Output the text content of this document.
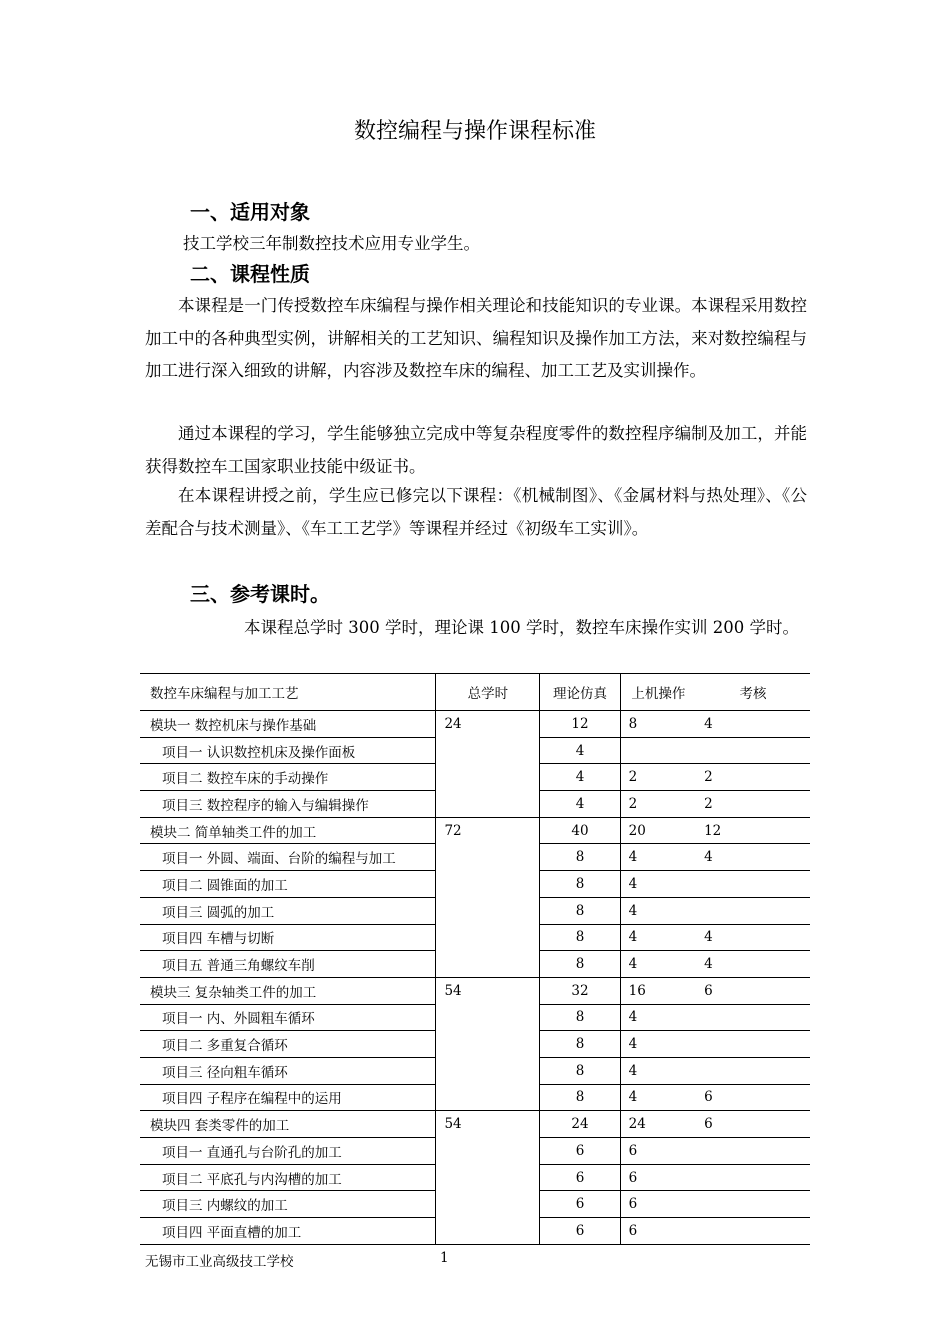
数控编程与操作课程标准
一、适用对象
技工学校三年制数控技术应用专业学生。
二、课程性质
本课程是一门传授数控车床编程与操作相关理论和技能知识的专业课。本课程采用数控加工中的各种典型实例，讲解相关的工艺知识、编程知识及操作加工方法，来对数控编程与加工进行深入细致的讲解，内容涉及数控车床的编程、加工工艺及实训操作。
通过本课程的学习，学生能够独立完成中等复杂程度零件的数控程序编制及加工，并能获得数控车工国家职业技能中级证书。
在本课程讲授之前，学生应已修完以下课程：《机械制图》、《金属材料与热处理》、《公差配合与技术测量》、《车工工艺学》等课程并经过《初级车工实训》。
三、参考课时。
本课程总学时 300 学时，理论课 100 学时，数控车床操作实训 200 学时。
数控车床编程与加工工艺	总学时	理论仿真	上机操作	考核
模块一 数控机床与操作基础	24	12	8	4
项目一 认识数控机床及操作面板		4		
项目二 数控车床的手动操作		4	2	2
项目三 数控程序的输入与编辑操作		4	2	2
模块二 简单轴类工件的加工	72	40	20	12
项目一 外圆、端面、台阶的编程与加工		8	4	4
项目二 圆锥面的加工		8	4	
项目三 圆弧的加工		8	4	
项目四 车槽与切断		8	4	4
项目五 普通三角螺纹车削		8	4	4
模块三 复杂轴类工件的加工	54	32	16	6
项目一 内、外圆粗车循环		8	4	
项目二 多重复合循环		8	4	
项目三 径向粗车循环		8	4	
项目四 子程序在编程中的运用		8	4	6
模块四 套类零件的加工	54	24	24	6
项目一 直通孔与台阶孔的加工		6	6	
项目二 平底孔与内沟槽的加工		6	6	
项目三 内螺纹的加工		6	6	
项目四 平面直槽的加工		6	6	
无锡市工业高级技工学校	1
